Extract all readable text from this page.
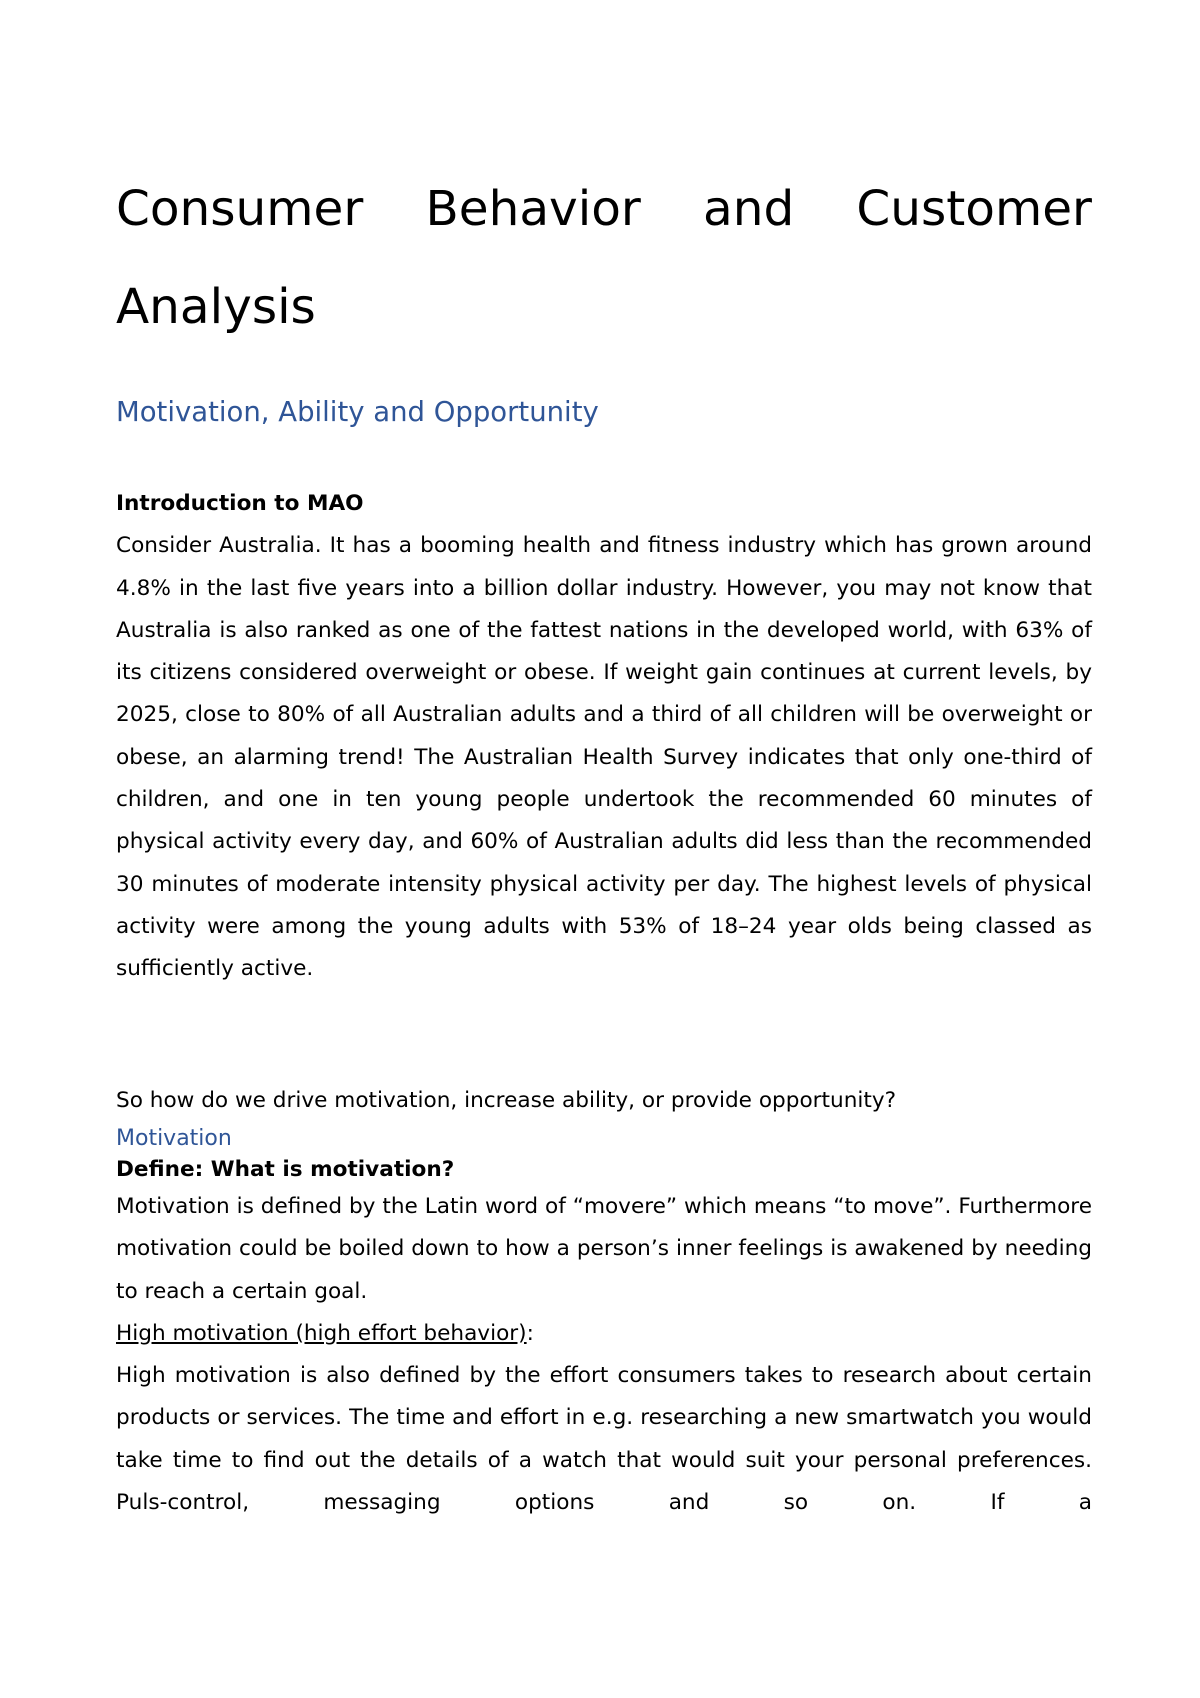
Consumer Behavior and Customer Analysis
Motivation, Ability and Opportunity
Introduction to MAO

Consider Australia. It has a booming health and fitness industry which has grown around 4.8% in the last five years into a billion dollar industry. However, you may not know that Australia is also ranked as one of the fattest nations in the developed world, with 63% of its citizens considered overweight or obese. If weight gain continues at current levels, by 2025, close to 80% of all Australian adults and a third of all children will be overweight or obese, an alarming trend! The Australian Health Survey indicates that only one-third of children, and one in ten young people undertook the recommended 60 minutes of physical activity every day, and 60% of Australian adults did less than the recommended 30 minutes of moderate intensity physical activity per day. The highest levels of physical activity were among the young adults with 53% of 18–24 year olds being classed as sufficiently active.

So how do we drive motivation, increase ability, or provide opportunity?

Motivation
Define: What is motivation?

Motivation is defined by the Latin word of “movere” which means “to move”. Furthermore motivation could be boiled down to how a person’s inner feelings is awakened by needing to reach a certain goal.

High motivation (high effort behavior):

High motivation is also defined by the effort consumers takes to research about certain products or services. The time and effort in e.g. researching a new smartwatch you would take time to find out the details of a watch that would suit your personal preferences. Puls-control, messaging options and so on. If a
